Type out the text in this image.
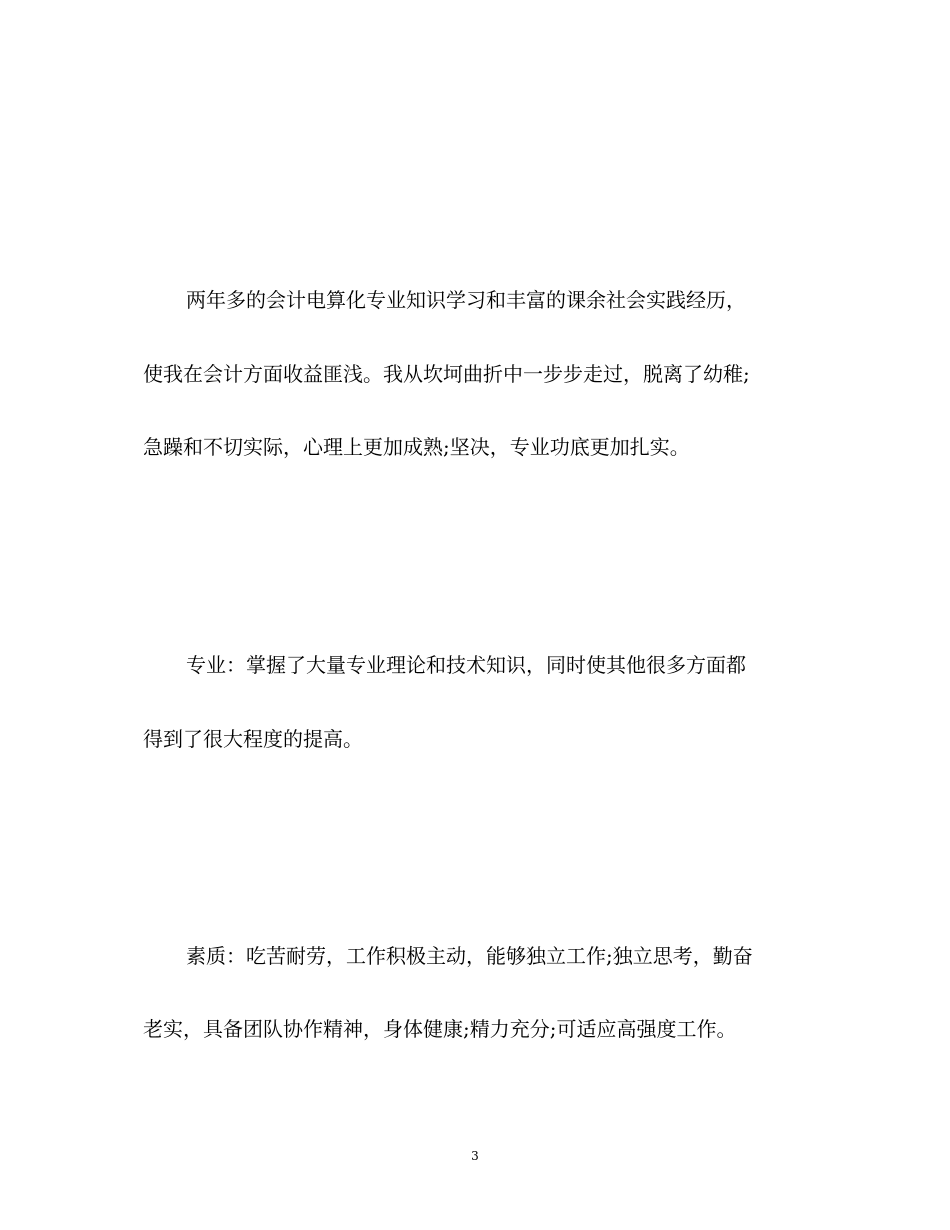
两年多的会计电算化专业知识学习和丰富的课余社会实践经历，
使我在会计方面收益匪浅。我从坎坷曲折中一步步走过，脱离了幼稚;
急躁和不切实际，心理上更加成熟;坚决，专业功底更加扎实。
专业：掌握了大量专业理论和技术知识，同时使其他很多方面都
得到了很大程度的提高。
素质：吃苦耐劳，工作积极主动，能够独立工作;独立思考，勤奋
老实，具备团队协作精神，身体健康;精力充分;可适应高强度工作。
3
